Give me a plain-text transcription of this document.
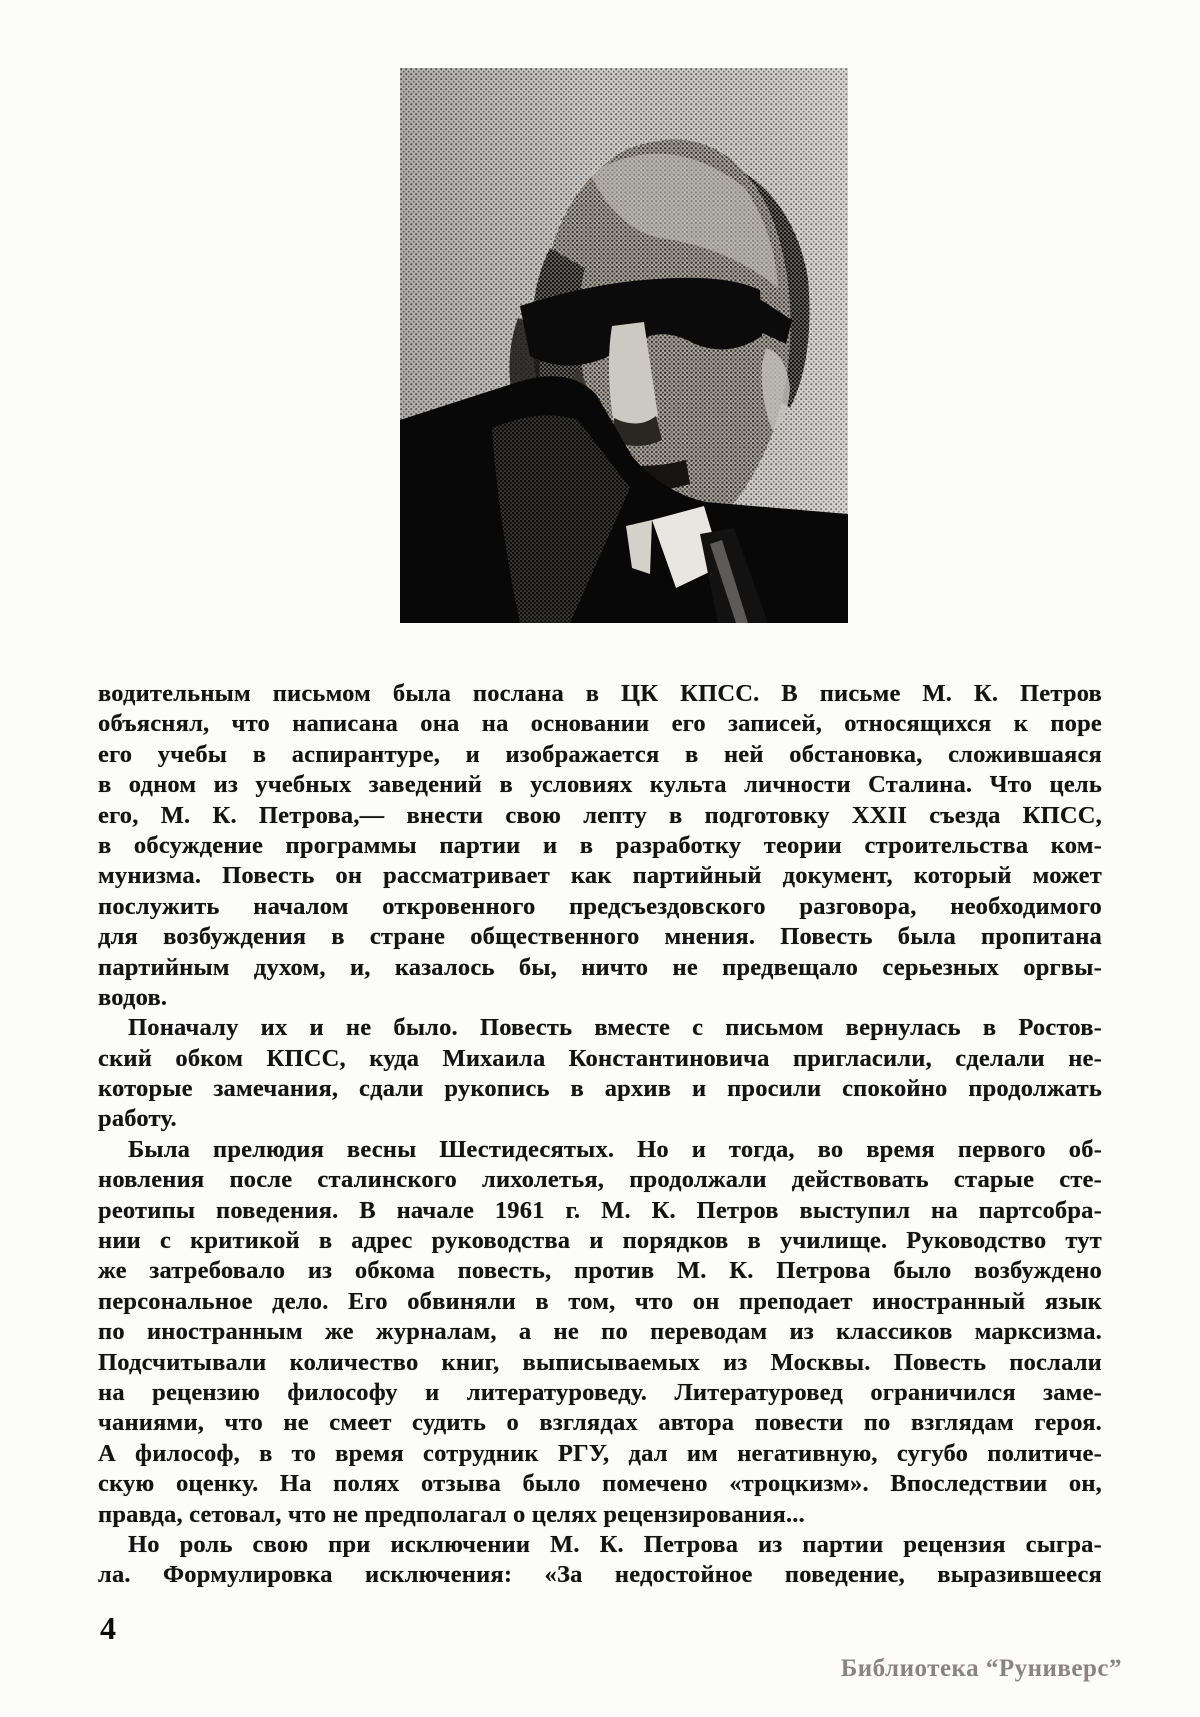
водительным письмом была послана в ЦК КПСС. В письме М. К. Петров
объяснял, что написана она на основании его записей, относящихся к поре
его учебы в аспирантуре, и изображается в ней обстановка, сложившаяся
в одном из учебных заведений в условиях культа личности Сталина. Что цель
его, М. К. Петрова,— внести свою лепту в подготовку XXII съезда КПСС,
в обсуждение программы партии и в разработку теории строительства ком-
мунизма. Повесть он рассматривает как партийный документ, который может
послужить началом откровенного предсъездовского разговора, необходимого
для возбуждения в стране общественного мнения. Повесть была пропитана
партийным духом, и, казалось бы, ничто не предвещало серьезных оргвы-
водов.
Поначалу их и не было. Повесть вместе с письмом вернулась в Ростов-
ский обком КПСС, куда Михаила Константиновича пригласили, сделали не-
которые замечания, сдали рукопись в архив и просили спокойно продолжать
работу.
Была прелюдия весны Шестидесятых. Но и тогда, во время первого об-
новления после сталинского лихолетья, продолжали действовать старые сте-
реотипы поведения. В начале 1961 г. М. К. Петров выступил на партсобра-
нии с критикой в адрес руководства и порядков в училище. Руководство тут
же затребовало из обкома повесть, против М. К. Петрова было возбуждено
персональное дело. Его обвиняли в том, что он преподает иностранный язык
по иностранным же журналам, а не по переводам из классиков марксизма.
Подсчитывали количество книг, выписываемых из Москвы. Повесть послали
на рецензию философу и литературоведу. Литературовед ограничился заме-
чаниями, что не смеет судить о взглядах автора повести по взглядам героя.
А философ, в то время сотрудник РГУ, дал им негативную, сугубо политиче-
скую оценку. На полях отзыва было помечено «троцкизм». Впоследствии он,
правда, сетовал, что не предполагал о целях рецензирования...
Но роль свою при исключении М. К. Петрова из партии рецензия сыгра-
ла. Формулировка исключения: «За недостойное поведение, выразившееся
4
Библиотека “Руниверс”
